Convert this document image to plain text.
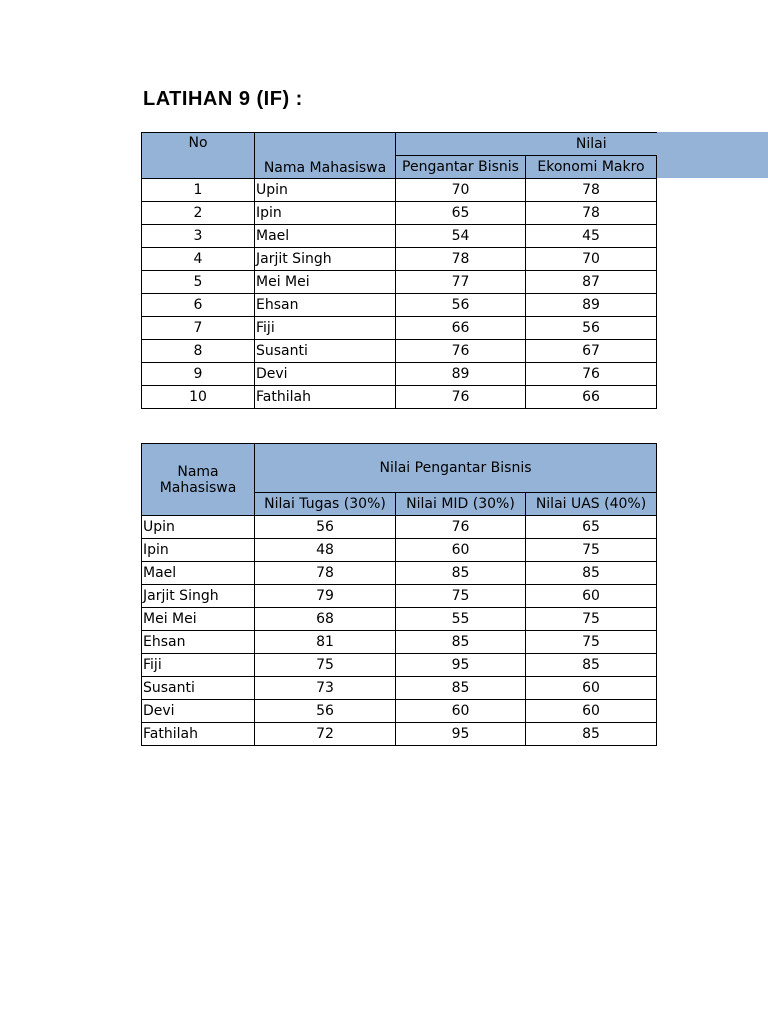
LATIHAN 9 (IF) :
No	Nama Mahasiswa	Nilai	
		Pengantar Bisnis	Ekonomi Makro
1	Upin	70	78
2	Ipin	65	78
3	Mael	54	45
4	Jarjit Singh	78	70
5	Mei Mei	77	87
6	Ehsan	56	89
7	Fiji	66	56
8	Susanti	76	67
9	Devi	89	76
10	Fathilah	76	66
Nama
Mahasiswa	Nilai Pengantar Bisnis		
	Nilai Tugas (30%)	Nilai MID (30%)	Nilai UAS (40%)
Upin	56	76	65
Ipin	48	60	75
Mael	78	85	85
Jarjit Singh	79	75	60
Mei Mei	68	55	75
Ehsan	81	85	75
Fiji	75	95	85
Susanti	73	85	60
Devi	56	60	60
Fathilah	72	95	85
